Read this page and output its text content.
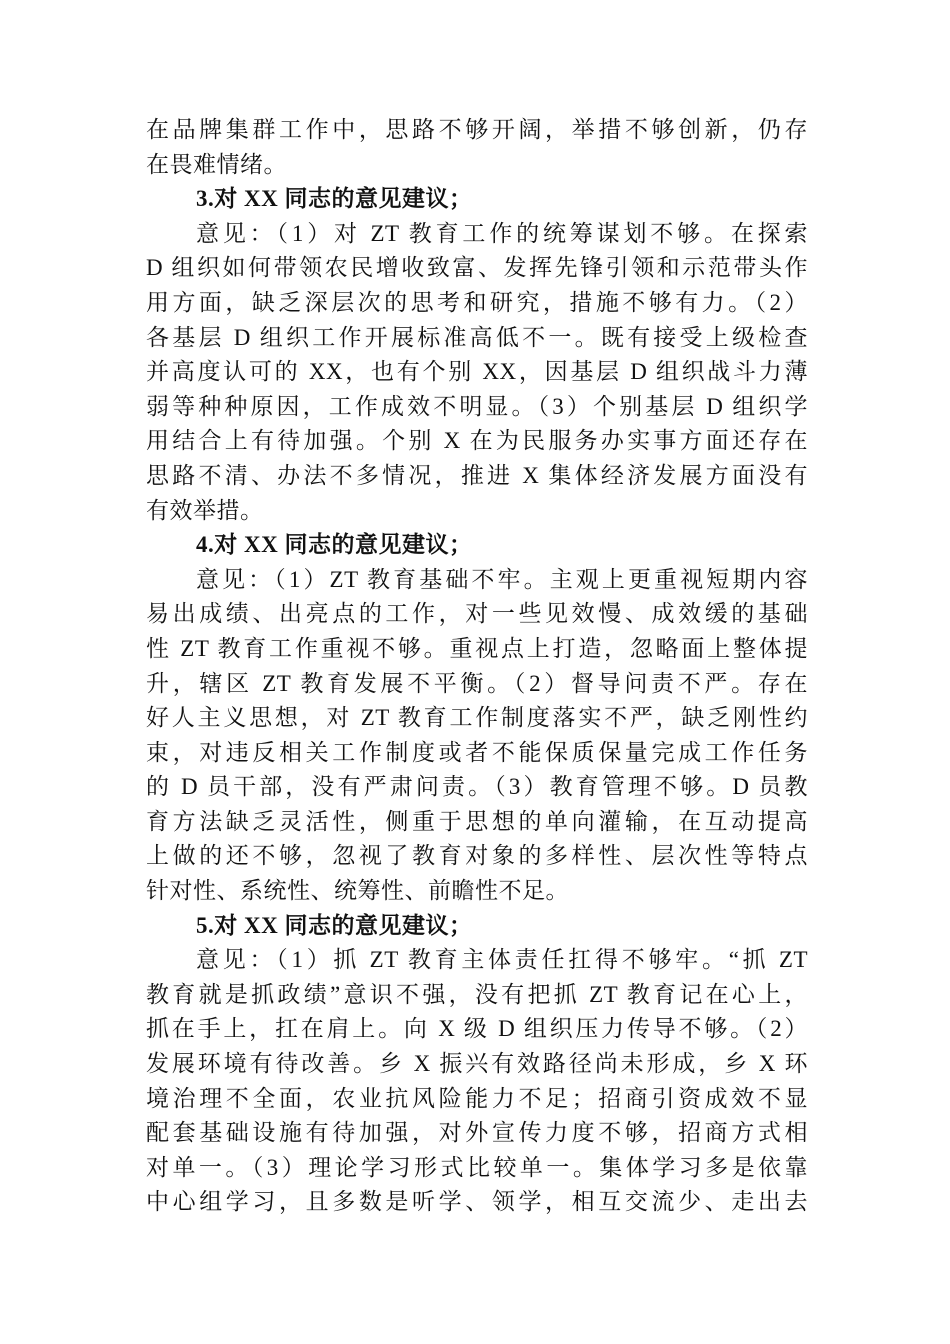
在品牌集群工作中，思路不够开阔，举措不够创新，仍存
在畏难情绪。
3.对 XX 同志的意见建议；
意见：（1）对 ZT 教育工作的统筹谋划不够。在探索
D 组织如何带领农民增收致富、发挥先锋引领和示范带头作
用方面，缺乏深层次的思考和研究，措施不够有力。（2）
各基层 D 组织工作开展标准高低不一。既有接受上级检查
并高度认可的 XX，也有个别 XX，因基层 D 组织战斗力薄
弱等种种原因，工作成效不明显。（3）个别基层 D 组织学
用结合上有待加强。个别 X 在为民服务办实事方面还存在
思路不清、办法不多情况，推进 X 集体经济发展方面没有
有效举措。
4.对 XX 同志的意见建议；
意见：（1）ZT 教育基础不牢。主观上更重视短期内容
易出成绩、出亮点的工作，对一些见效慢、成效缓的基础
性 ZT 教育工作重视不够。重视点上打造，忽略面上整体提
升，辖区 ZT 教育发展不平衡。（2）督导问责不严。存在
好人主义思想，对 ZT 教育工作制度落实不严，缺乏刚性约
束，对违反相关工作制度或者不能保质保量完成工作任务
的 D 员干部，没有严肃问责。（3）教育管理不够。D 员教
育方法缺乏灵活性，侧重于思想的单向灌输，在互动提高
上做的还不够，忽视了教育对象的多样性、层次性等特点
针对性、系统性、统筹性、前瞻性不足。
5.对 XX 同志的意见建议；
意见：（1）抓 ZT 教育主体责任扛得不够牢。“抓 ZT
教育就是抓政绩”意识不强，没有把抓 ZT 教育记在心上，
抓在手上，扛在肩上。向 X 级 D 组织压力传导不够。（2）
发展环境有待改善。乡 X 振兴有效路径尚未形成，乡 X 环
境治理不全面，农业抗风险能力不足；招商引资成效不显
配套基础设施有待加强，对外宣传力度不够，招商方式相
对单一。（3）理论学习形式比较单一。集体学习多是依靠
中心组学习，且多数是听学、领学，相互交流少、走出去
